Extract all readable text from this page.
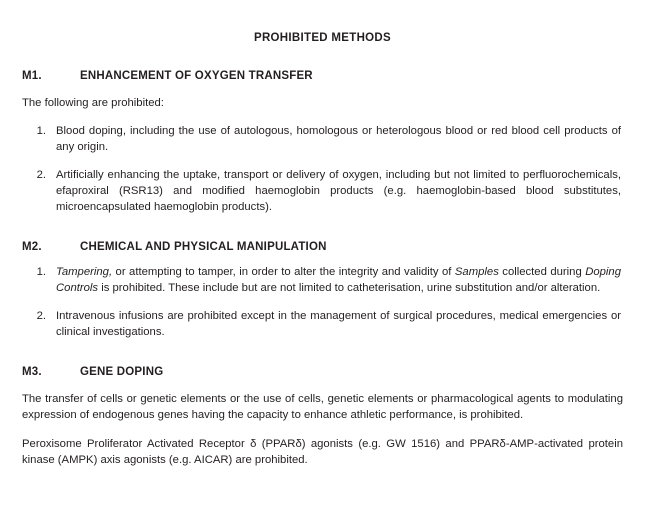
PROHIBITED METHODS
M1.	ENHANCEMENT OF OXYGEN TRANSFER

The following are prohibited:

1. Blood doping, including the use of autologous, homologous or heterologous blood or red blood cell products of any origin.
2. Artificially enhancing the uptake, transport or delivery of oxygen, including but not limited to perfluorochemicals, efaproxiral (RSR13) and modified haemoglobin products (e.g. haemoglobin-based blood substitutes, microencapsulated haemoglobin products).
M2.	CHEMICAL AND PHYSICAL MANIPULATION
1. Tampering, or attempting to tamper, in order to alter the integrity and validity of Samples collected during Doping Controls is prohibited. These include but are not limited to catheterisation, urine substitution and/or alteration.
2. Intravenous infusions are prohibited except in the management of surgical procedures, medical emergencies or clinical investigations.
M3.	GENE DOPING

The transfer of cells or genetic elements or the use of cells, genetic elements or pharmacological agents to modulating expression of endogenous genes having the capacity to enhance athletic performance, is prohibited.

Peroxisome Proliferator Activated Receptor δ (PPARδ) agonists (e.g. GW 1516) and PPARδ-AMP-activated protein kinase (AMPK) axis agonists (e.g. AICAR) are prohibited.
